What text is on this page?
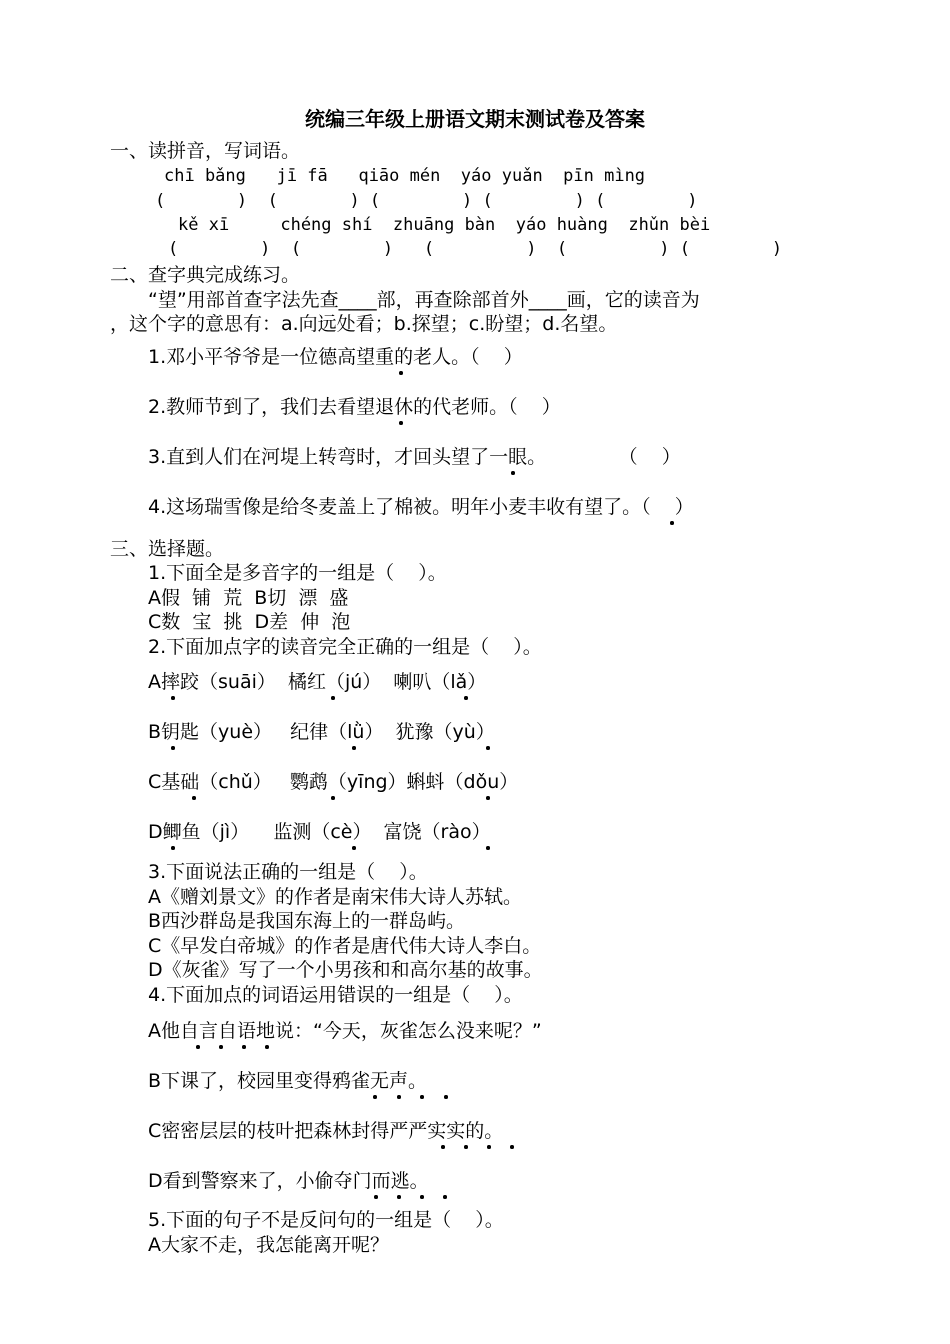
统编三年级上册语文期末测试卷及答案
一、读拼音，写词语。
chī bǎng   jī fā   qiāo mén  yáo yuǎn  pīn mìng
(       )  (       ) (        ) (        ) (        )
kě xī     chéng shí  zhuāng bàn  yáo huàng  zhǔn bèi
(        )  (        )   (         )  (         ) (        )
二、查字典完成练习。
“望”用部首查字法先查____部，再查除部首外____画，它的读音为
，这个字的意思有：a.向远处看；b.探望；c.盼望；d.名望。
1.邓小平爷爷是一位德高望重的老人。（    ）
2.教师节到了，我们去看望退休的代老师。（    ）
3.直到人们在河堤上转弯时，才回头望了一眼。            （    ）
4.这场瑞雪像是给冬麦盖上了棉被。明年小麦丰收有望了。（    ）
三、选择题。
1.下面全是多音字的一组是（    ）。
A假  铺  荒  B切  漂  盛
C数  宝  挑  D差  伸  泡
2.下面加点字的读音完全正确的一组是（    ）。
A摔跤（suāi）  橘红（jú）  喇叭（lǎ）
B钥匙（yuè）   纪律（lǜ）  犹豫（yù）
C基础（chǔ）   鹦鹉（yīng）蝌蚪（dǒu）
D鲫鱼（jì）    监测（cè）  富饶（rào）
3.下面说法正确的一组是（    ）。
A《赠刘景文》的作者是南宋伟大诗人苏轼。
B西沙群岛是我国东海上的一群岛屿。
C《早发白帝城》的作者是唐代伟大诗人李白。
D《灰雀》写了一个小男孩和和高尔基的故事。
4.下面加点的词语运用错误的一组是（    ）。
A他自言自语地说：“今天，灰雀怎么没来呢？”
B下课了，校园里变得鸦雀无声。
C密密层层的枝叶把森林封得严严实实的。
D看到警察来了，小偷夺门而逃。
5.下面的句子不是反问句的一组是（    ）。
A大家不走，我怎能离开呢？
